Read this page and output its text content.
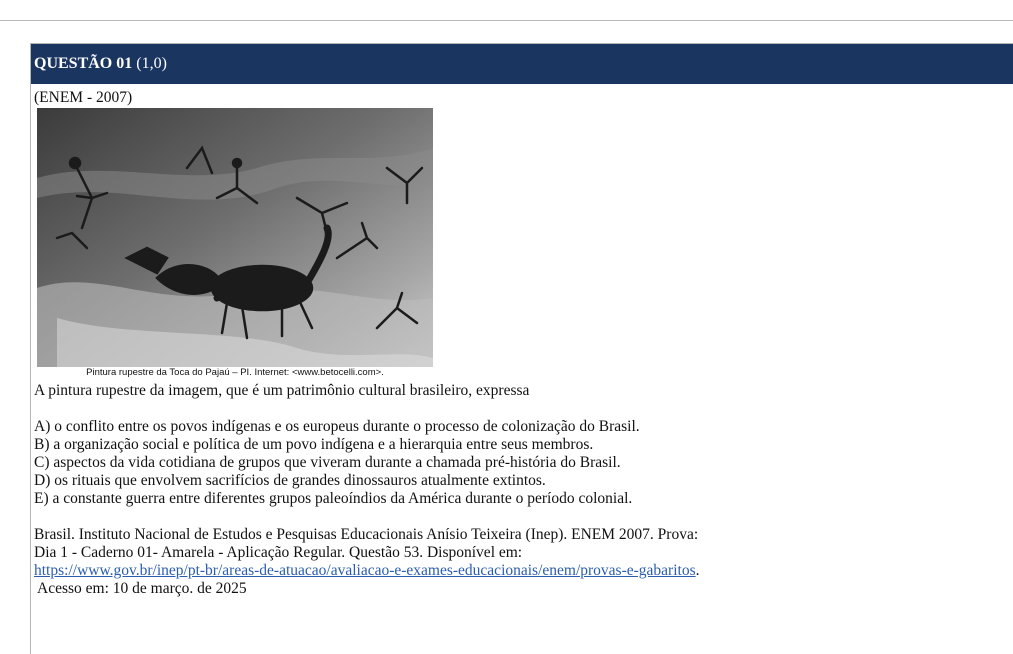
QUESTÃO 01 (1,0)
(ENEM - 2007)
Pintura rupestre da Toca do Pajaú – PI. Internet: <www.betocelli.com>.
A pintura rupestre da imagem, que é um patrimônio cultural brasileiro, expressa
A) o conflito entre os povos indígenas e os europeus durante o processo de colonização do Brasil.
B) a organização social e política de um povo indígena e a hierarquia entre seus membros.
C) aspectos da vida cotidiana de grupos que viveram durante a chamada pré-história do Brasil.
D) os rituais que envolvem sacrifícios de grandes dinossauros atualmente extintos.
E) a constante guerra entre diferentes grupos paleoíndios da América durante o período colonial.
Brasil. Instituto Nacional de Estudos e Pesquisas Educacionais Anísio Teixeira (Inep). ENEM 2007. Prova:
Dia 1 - Caderno 01- Amarela - Aplicação Regular. Questão 53. Disponível em:
https://www.gov.br/inep/pt-br/areas-de-atuacao/avaliacao-e-exames-educacionais/enem/provas-e-gabaritos.
Acesso em: 10 de março. de 2025
